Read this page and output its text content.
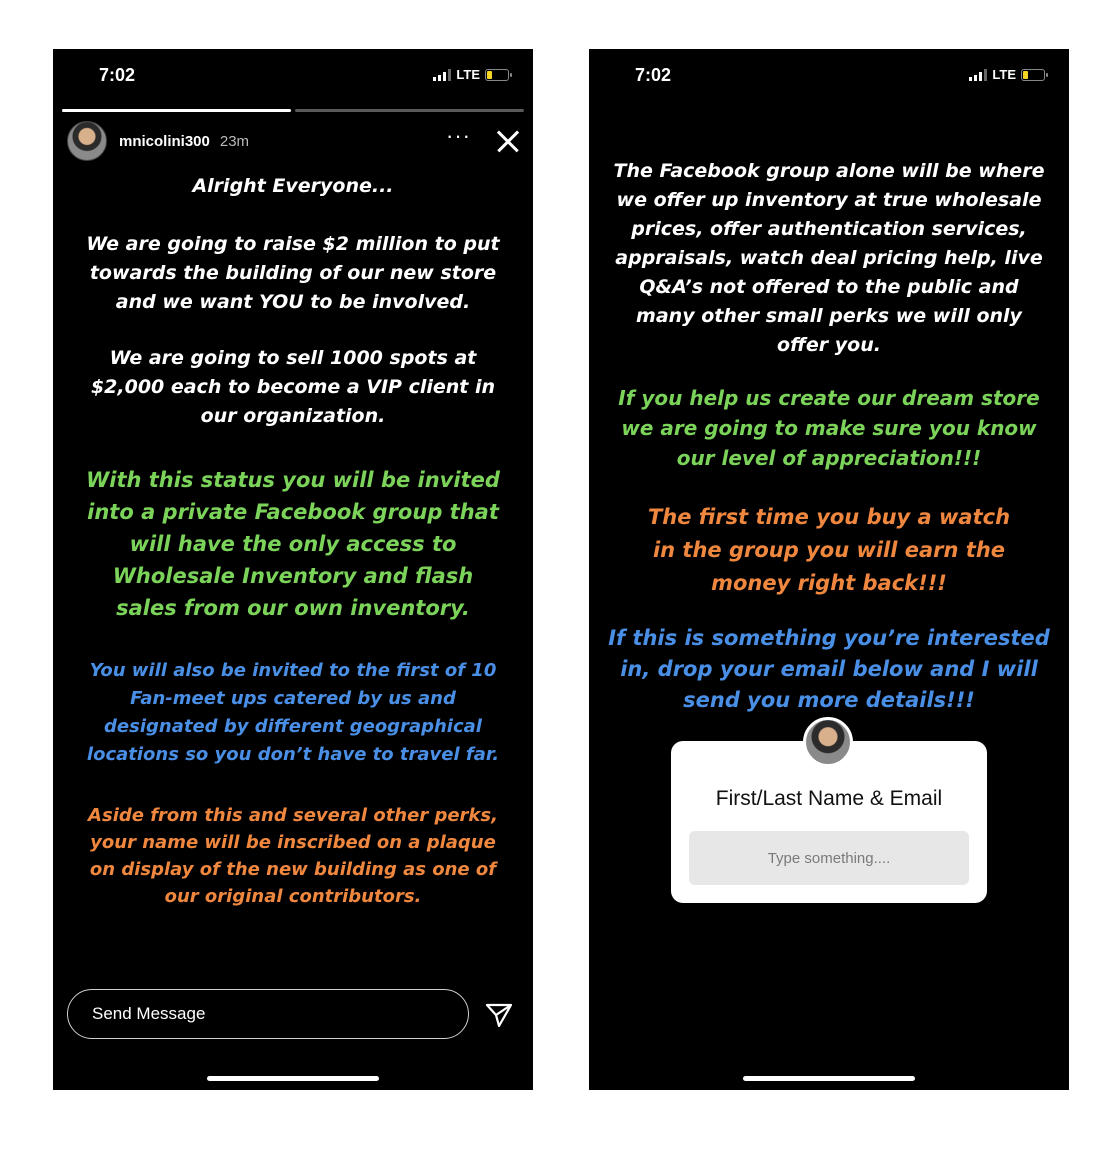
7:02	LTE
mnicolini300 23m	···

Alright Everyone...

We are going to raise $2 million to put towards the building of our new store and we want YOU to be involved.

We are going to sell 1000 spots at $2,000 each to become a VIP client in our organization.

With this status you will be invited into a private Facebook group that will have the only access to Wholesale Inventory and flash sales from our own inventory.

You will also be invited to the first of 10 Fan-meet ups catered by us and designated by different geographical locations so you don’t have to travel far.

Aside from this and several other perks, your name will be inscribed on a plaque on display of the new building as one of our original contributors.

Send Message
7:02	LTE

The Facebook group alone will be where we offer up inventory at true wholesale prices, offer authentication services, appraisals, watch deal pricing help, live Q&A’s not offered to the public and many other small perks we will only offer you.

If you help us create our dream store we are going to make sure you know our level of appreciation!!!

The first time you buy a watch in the group you will earn the money right back!!!

If this is something you’re interested in, drop your email below and I will send you more details!!!

First/Last Name & Email
Type something....
